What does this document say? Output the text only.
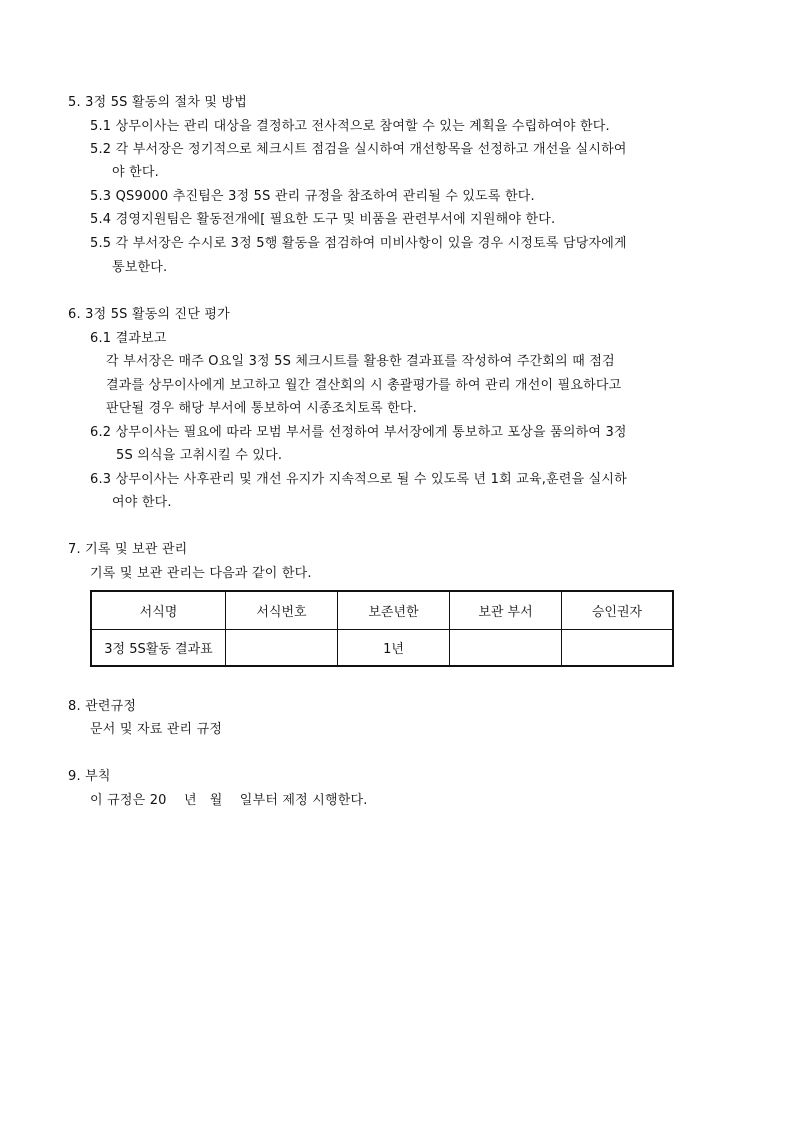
5. 3정 5S 활동의 절차 및 방법
5.1 상무이사는 관리 대상을 결정하고 전사적으로 참여할 수 있는 계획을 수립하여야 한다.
5.2 각 부서장은 정기적으로 체크시트 점검을 실시하여 개선항목을 선정하고 개선을 실시하여
야 한다.
5.3 QS9000 추진팀은 3정 5S 관리 규정을 참조하여 관리될 수 있도록 한다.
5.4 경영지원팀은 활동전개에[ 필요한 도구 및 비품을 관련부서에 지원해야 한다.
5.5 각 부서장은 수시로 3정 5행 활동을 점검하여 미비사항이 있을 경우 시정토록 담당자에게
통보한다.
6. 3정 5S 활동의 진단 평가
6.1 결과보고
각 부서장은 매주 O요일 3정 5S 체크시트를 활용한 결과표를 작성하여 주간회의 때 점검
결과를 상무이사에게 보고하고 월간 결산회의 시 총괄평가를 하여 관리 개선이 필요하다고
판단될 경우 해당 부서에 통보하여 시종조치토록 한다.
6.2 상무이사는 필요에 따라 모범 부서를 선정하여 부서장에게 통보하고 포상을 품의하여 3정
5S 의식을 고취시킬 수 있다.
6.3 상무이사는 사후관리 및 개선 유지가 지속적으로 될 수 있도록 년 1회 교육,훈련을 실시하
여야 한다.
7. 기록 및 보관 관리
기록 및 보관 관리는 다음과 같이 한다.
서식명	서식번호	보존년한	보관 부서	승인권자
3정 5S활동 결과표		1년		
8. 관련규정
문서 및 자료 관리 규정
9. 부칙
이 규정은 20    년   월    일부터 제정 시행한다.
